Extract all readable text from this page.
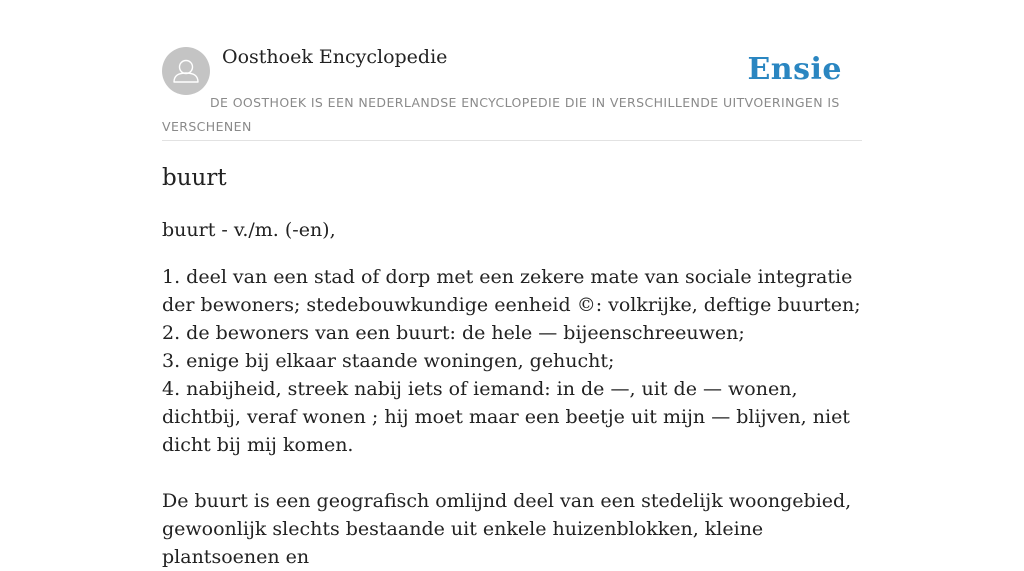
Oosthoek Encyclopedie	Ensie
DE OOSTHOEK IS EEN NEDERLANDSE ENCYCLOPEDIE DIE IN VERSCHILLENDE UITVOERINGEN IS VERSCHENEN
buurt

buurt - v./m. (-en),

1. deel van een stad of dorp met een zekere mate van sociale integratie der bewoners; stedebouwkundige eenheid ©: volkrijke, deftige buurten;
2. de bewoners van een buurt: de hele — bijeenschreeuwen;
3. enige bij elkaar staande woningen, gehucht;
4. nabijheid, streek nabij iets of iemand: in de —, uit de — wonen, dichtbij, veraf wonen ; hij moet maar een beetje uit mijn — blijven, niet dicht bij mij komen.

De buurt is een geografisch omlijnd deel van een stedelijk woongebied, gewoonlijk slechts bestaande uit enkele huizenblokken, kleine plantsoenen en
